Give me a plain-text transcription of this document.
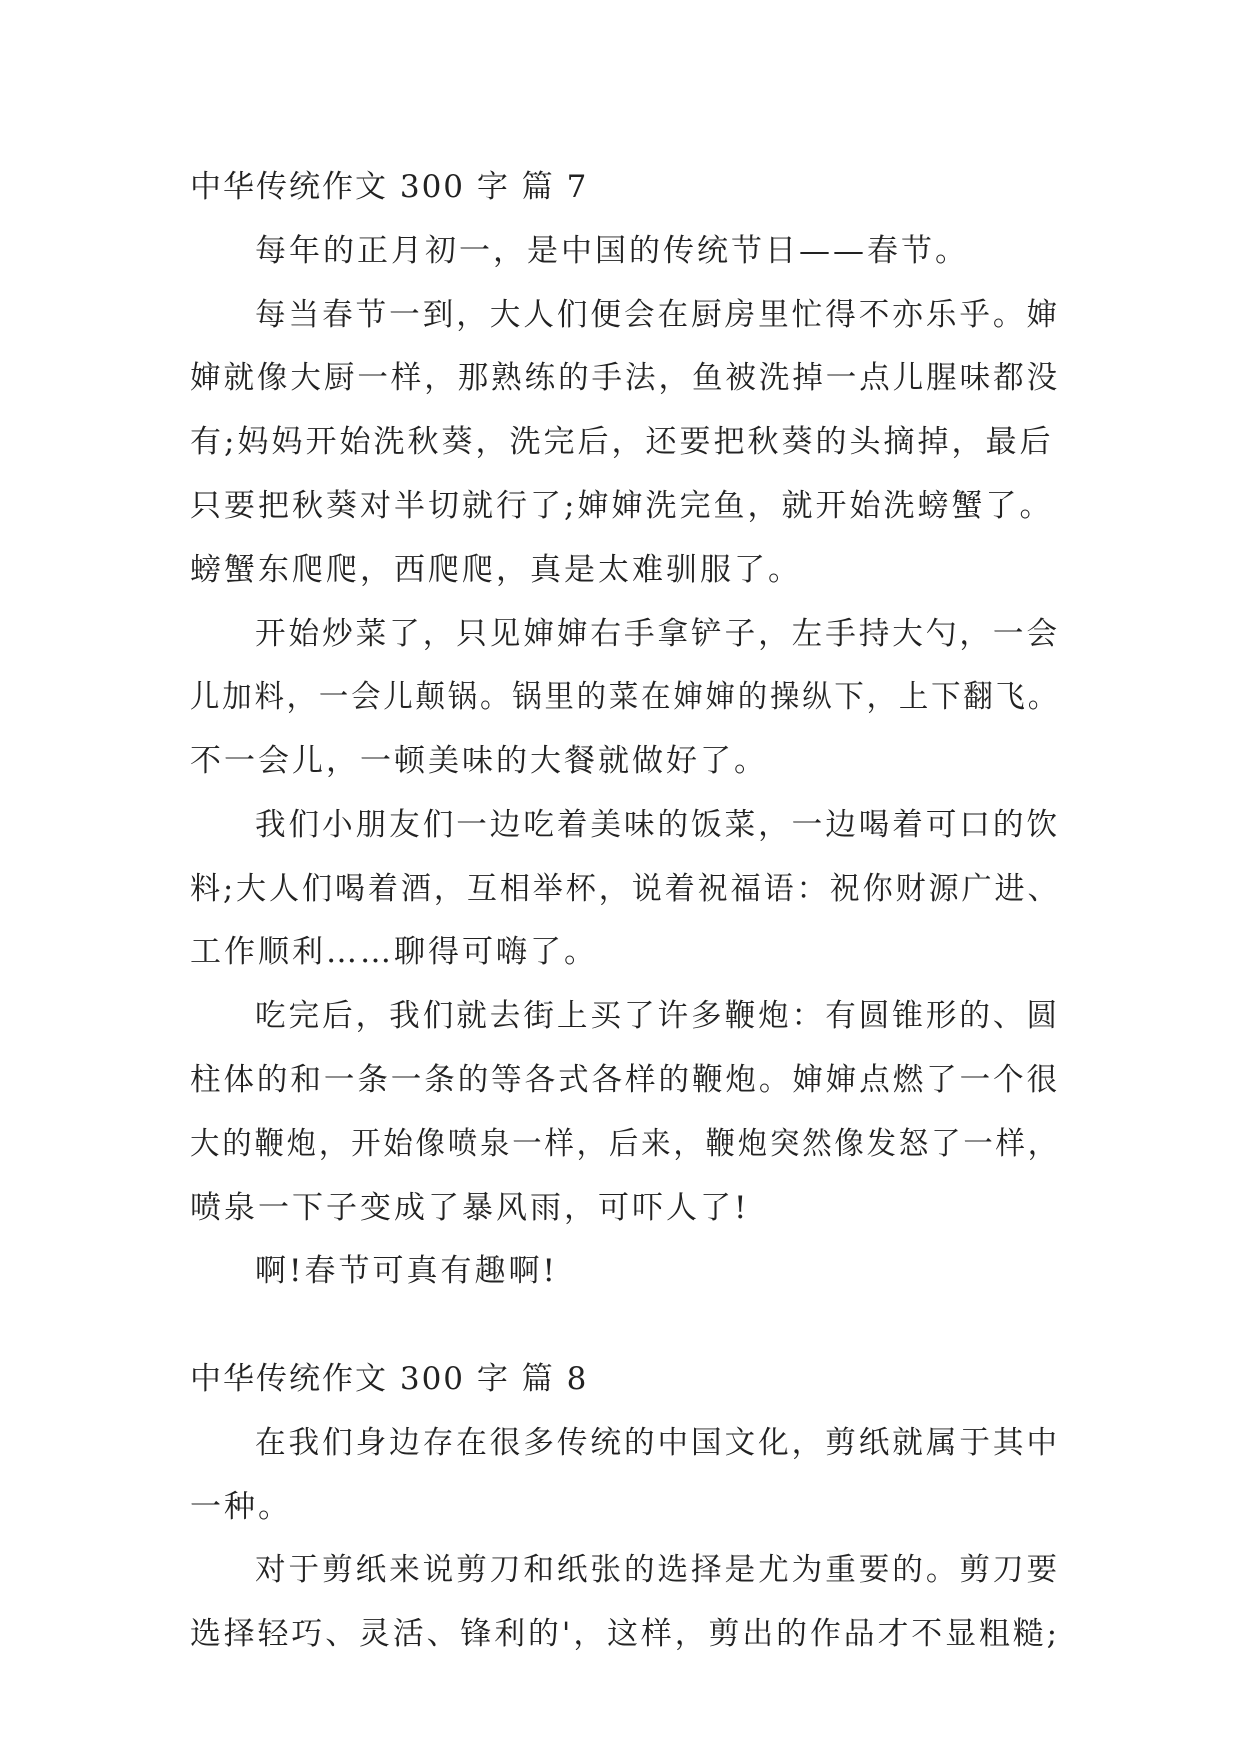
中华传统作文 300 字 篇 7
每年的正月初一，是中国的传统节日——春节。
每当春节一到，大人们便会在厨房里忙得不亦乐乎。婶
婶就像大厨一样，那熟练的手法，鱼被洗掉一点儿腥味都没
有;妈妈开始洗秋葵，洗完后，还要把秋葵的头摘掉，最后
只要把秋葵对半切就行了;婶婶洗完鱼，就开始洗螃蟹了。
螃蟹东爬爬，西爬爬，真是太难驯服了。
开始炒菜了，只见婶婶右手拿铲子，左手持大勺，一会
儿加料，一会儿颠锅。锅里的菜在婶婶的操纵下，上下翻飞。
不一会儿，一顿美味的大餐就做好了。
我们小朋友们一边吃着美味的饭菜，一边喝着可口的饮
料;大人们喝着酒，互相举杯，说着祝福语：祝你财源广进、
工作顺利……聊得可嗨了。
吃完后，我们就去街上买了许多鞭炮：有圆锥形的、圆
柱体的和一条一条的等各式各样的鞭炮。婶婶点燃了一个很
大的鞭炮，开始像喷泉一样，后来，鞭炮突然像发怒了一样，
喷泉一下子变成了暴风雨，可吓人了!
啊!春节可真有趣啊!
中华传统作文 300 字 篇 8
在我们身边存在很多传统的中国文化，剪纸就属于其中
一种。
对于剪纸来说剪刀和纸张的选择是尤为重要的。剪刀要
选择轻巧、灵活、锋利的'，这样，剪出的作品才不显粗糙;
